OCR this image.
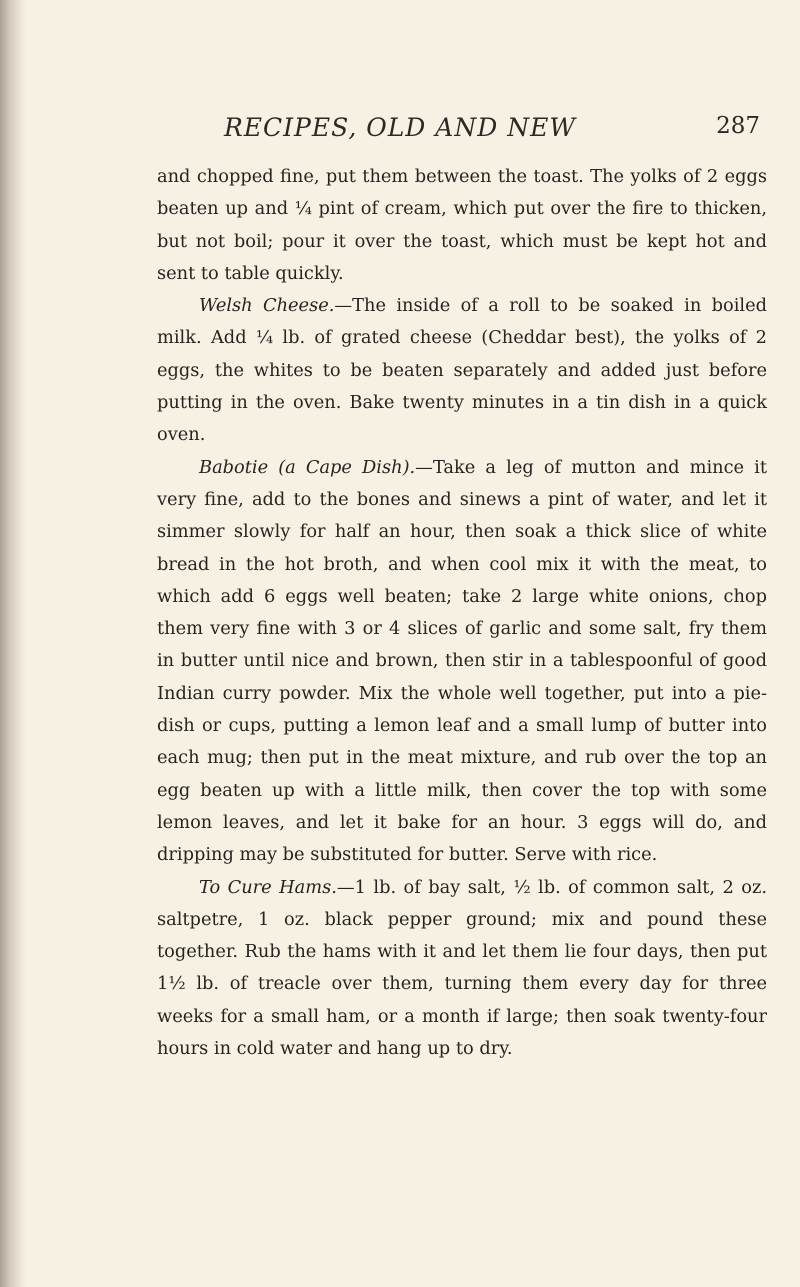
RECIPES, OLD AND NEW	287

and chopped fine, put them between the toast. The yolks of 2 eggs beaten up and ¼ pint of cream, which put over the fire to thicken, but not boil; pour it over the toast, which must be kept hot and sent to table quickly.

Welsh Cheese.—The inside of a roll to be soaked in boiled milk. Add ¼ lb. of grated cheese (Cheddar best), the yolks of 2 eggs, the whites to be beaten separately and added just before putting in the oven. Bake twenty minutes in a tin dish in a quick oven.

Babotie (a Cape Dish).—Take a leg of mutton and mince it very fine, add to the bones and sinews a pint of water, and let it simmer slowly for half an hour, then soak a thick slice of white bread in the hot broth, and when cool mix it with the meat, to which add 6 eggs well beaten; take 2 large white onions, chop them very fine with 3 or 4 slices of garlic and some salt, fry them in butter until nice and brown, then stir in a tablespoonful of good Indian curry powder. Mix the whole well together, put into a pie-dish or cups, putting a lemon leaf and a small lump of butter into each mug; then put in the meat mixture, and rub over the top an egg beaten up with a little milk, then cover the top with some lemon leaves, and let it bake for an hour. 3 eggs will do, and dripping may be substituted for butter. Serve with rice.

To Cure Hams.—1 lb. of bay salt, ½ lb. of common salt, 2 oz. saltpetre, 1 oz. black pepper ground; mix and pound these together. Rub the hams with it and let them lie four days, then put 1½ lb. of treacle over them, turning them every day for three weeks for a small ham, or a month if large; then soak twenty-four hours in cold water and hang up to dry.
